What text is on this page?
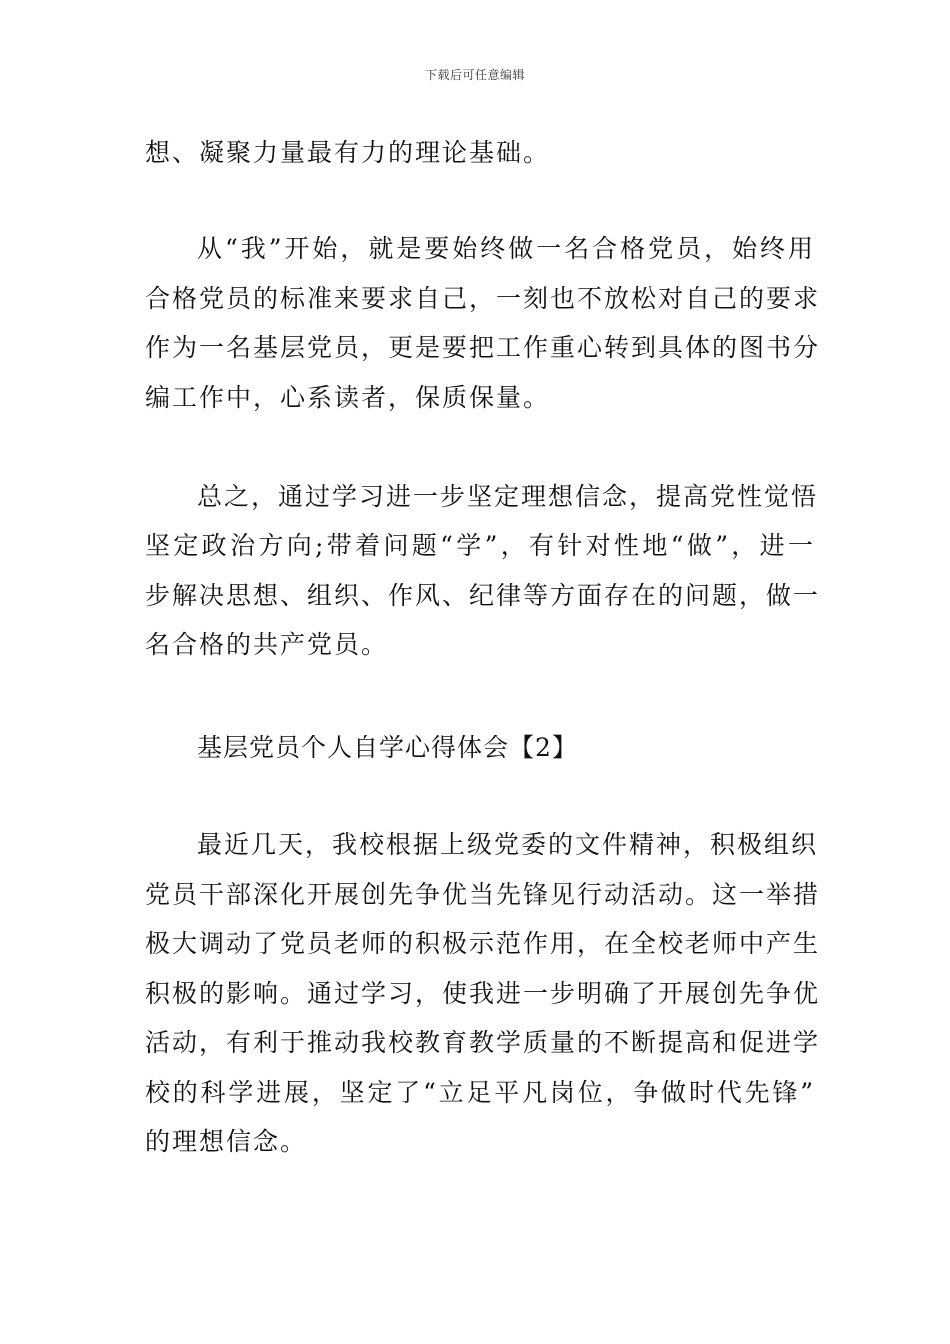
下载后可任意编辑
想、凝聚力量最有力的理论基础。
从“我”开始，就是要始终做一名合格党员，始终用
合格党员的标准来要求自己，一刻也不放松对自己的要求
作为一名基层党员，更是要把工作重心转到具体的图书分
编工作中，心系读者，保质保量。
总之，通过学习进一步坚定理想信念，提高党性觉悟
坚定政治方向;带着问题“学”，有针对性地“做”，进一
步解决思想、组织、作风、纪律等方面存在的问题，做一
名合格的共产党员。
基层党员个人自学心得体会【2】
最近几天，我校根据上级党委的文件精神，积极组织
党员干部深化开展创先争优当先锋见行动活动。这一举措
极大调动了党员老师的积极示范作用，在全校老师中产生
积极的影响。通过学习，使我进一步明确了开展创先争优
活动，有利于推动我校教育教学质量的不断提高和促进学
校的科学进展，坚定了“立足平凡岗位，争做时代先锋”
的理想信念。
